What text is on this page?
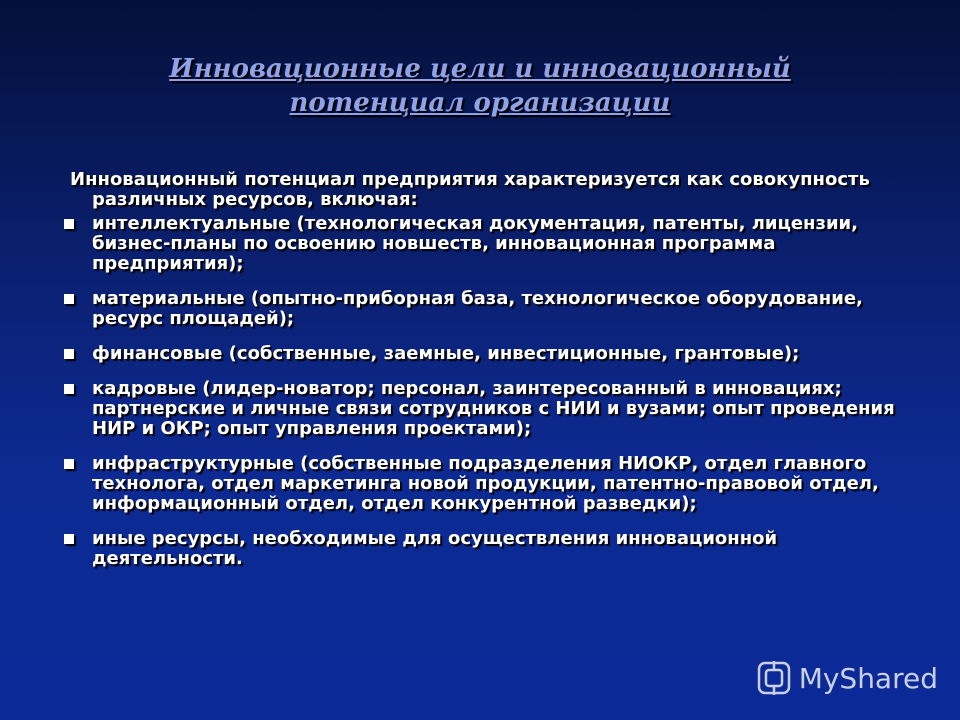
Инновационные цели и инновационный потенциал организации
Инновационный потенциал предприятия характеризуется как совокупность различных ресурсов, включая:
интеллектуальные (технологическая документация, патенты, лицензии, бизнес-планы по освоению новшеств, инновационная программа предприятия);
материальные (опытно-приборная база, технологическое оборудование, ресурс площадей);
финансовые (собственные, заемные, инвестиционные, грантовые);
кадровые (лидер-новатор; персонал, заинтересованный в инновациях; партнерские и личные связи сотрудников с НИИ и вузами; опыт проведения НИР и ОКР; опыт управления проектами);
инфраструктурные (собственные подразделения НИОКР, отдел главного технолога, отдел маркетинга новой продукции, патентно-правовой отдел, информационный отдел, отдел конкурентной разведки);
иные ресурсы, необходимые для осуществления инновационной деятельности.
MyShared
